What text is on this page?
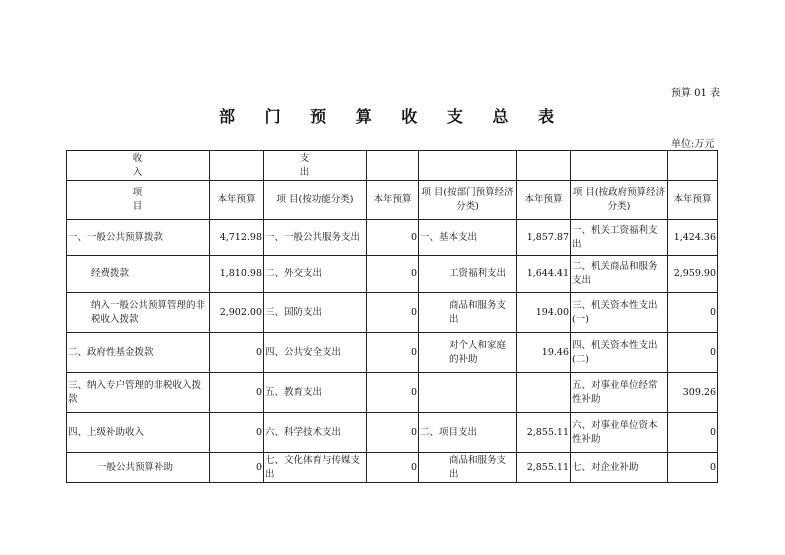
预算 01 表
部 门 预 算 收 支 总 表
单位:万元
收 入		支 出					
项 目	本年预算	项 目(按功能分类)	本年预算	项 目(按部门预算经济分类)	本年预算	项 目(按政府预算经济分类)	本年预算
一、一般公共预算拨款	4,712.98	一、一般公共服务支出	0	一、基本支出	1,857.87	一、机关工资福利支出	1,424.36
经费拨款	1,810.98	二、外交支出	0	工资福利支出	1,644.41	二、机关商品和服务支出	2,959.90
纳入一般公共预算管理的非税收入拨款	2,902.00	三、国防支出	0	商品和服务支出	194.00	三、机关资本性支出(一)	0
二、政府性基金拨款	0	四、公共安全支出	0	对个人和家庭的补助	19.46	四、机关资本性支出(二)	0
三、纳入专户管理的非税收入拨款	0	五、教育支出	0			五、对事业单位经常性补助	309.26
四、上级补助收入	0	六、科学技术支出	0	二、项目支出	2,855.11	六、对事业单位资本性补助	0
一般公共预算补助	0	七、文化体育与传媒支出	0	商品和服务支出	2,855.11	七、对企业补助	0
